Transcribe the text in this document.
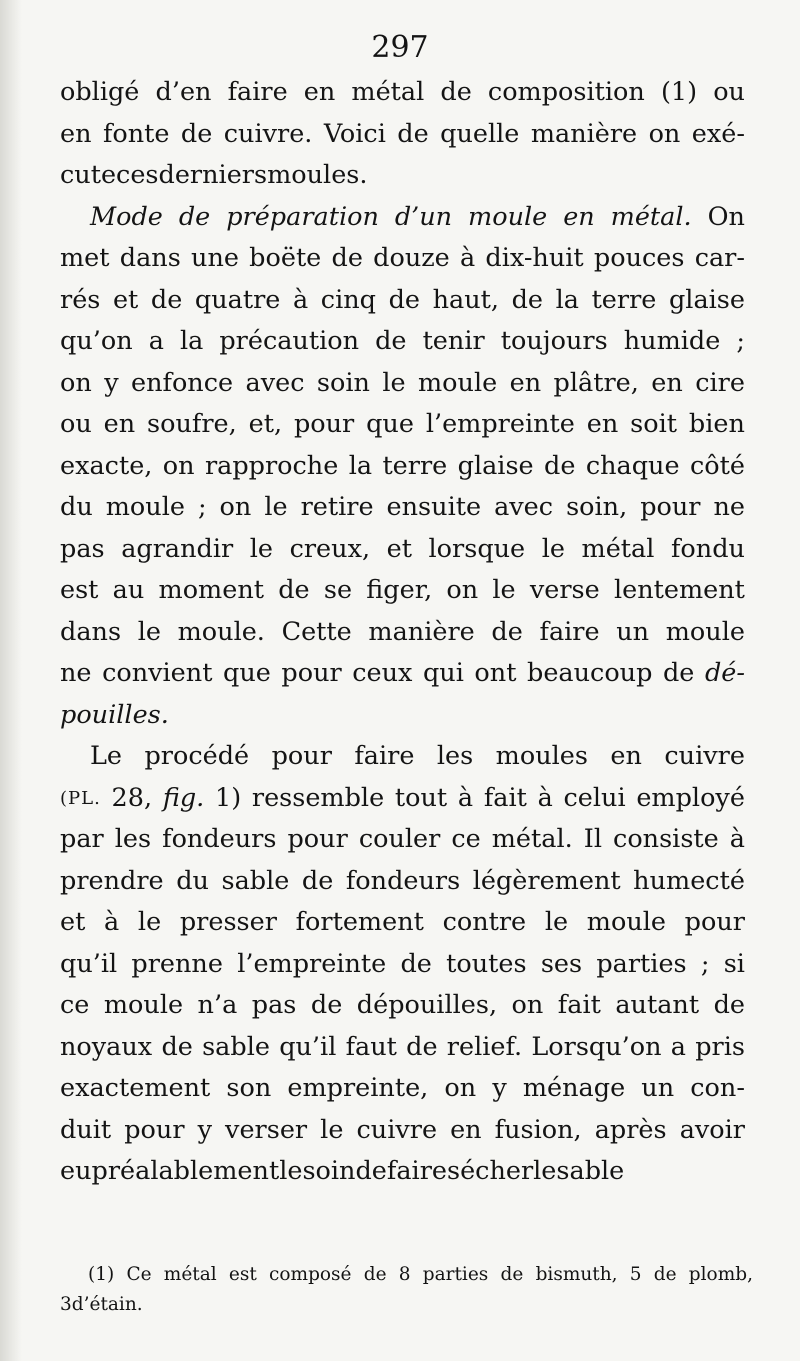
297
obligé d’en faire en métal de composition (1) ou
en fonte de cuivre. Voici de quelle manière on exé-
cute ces derniers moules.
Mode de préparation d’un moule en métal. On
met dans une boëte de douze à dix-huit pouces car-
rés et de quatre à cinq de haut, de la terre glaise
qu’on a la précaution de tenir toujours humide ;
on y enfonce avec soin le moule en plâtre, en cire
ou en soufre, et, pour que l’empreinte en soit bien
exacte, on rapproche la terre glaise de chaque côté
du moule ; on le retire ensuite avec soin, pour ne
pas agrandir le creux, et lorsque le métal fondu
est au moment de se figer, on le verse lentement
dans le moule. Cette manière de faire un moule
ne convient que pour ceux qui ont beaucoup de dé-
pouilles.
Le procédé pour faire les moules en cuivre
(PL. 28, fig. 1) ressemble tout à fait à celui employé
par les fondeurs pour couler ce métal. Il consiste à
prendre du sable de fondeurs légèrement humecté
et à le presser fortement contre le moule pour
qu’il prenne l’empreinte de toutes ses parties ; si
ce moule n’a pas de dépouilles, on fait autant de
noyaux de sable qu’il faut de relief. Lorsqu’on a pris
exactement son empreinte, on y ménage un con-
duit pour y verser le cuivre en fusion, après avoir
eu préalablement le soin de faire sécher le sable
(1) Ce métal est composé de 8 parties de bismuth, 5 de plomb,
3 d’étain.
